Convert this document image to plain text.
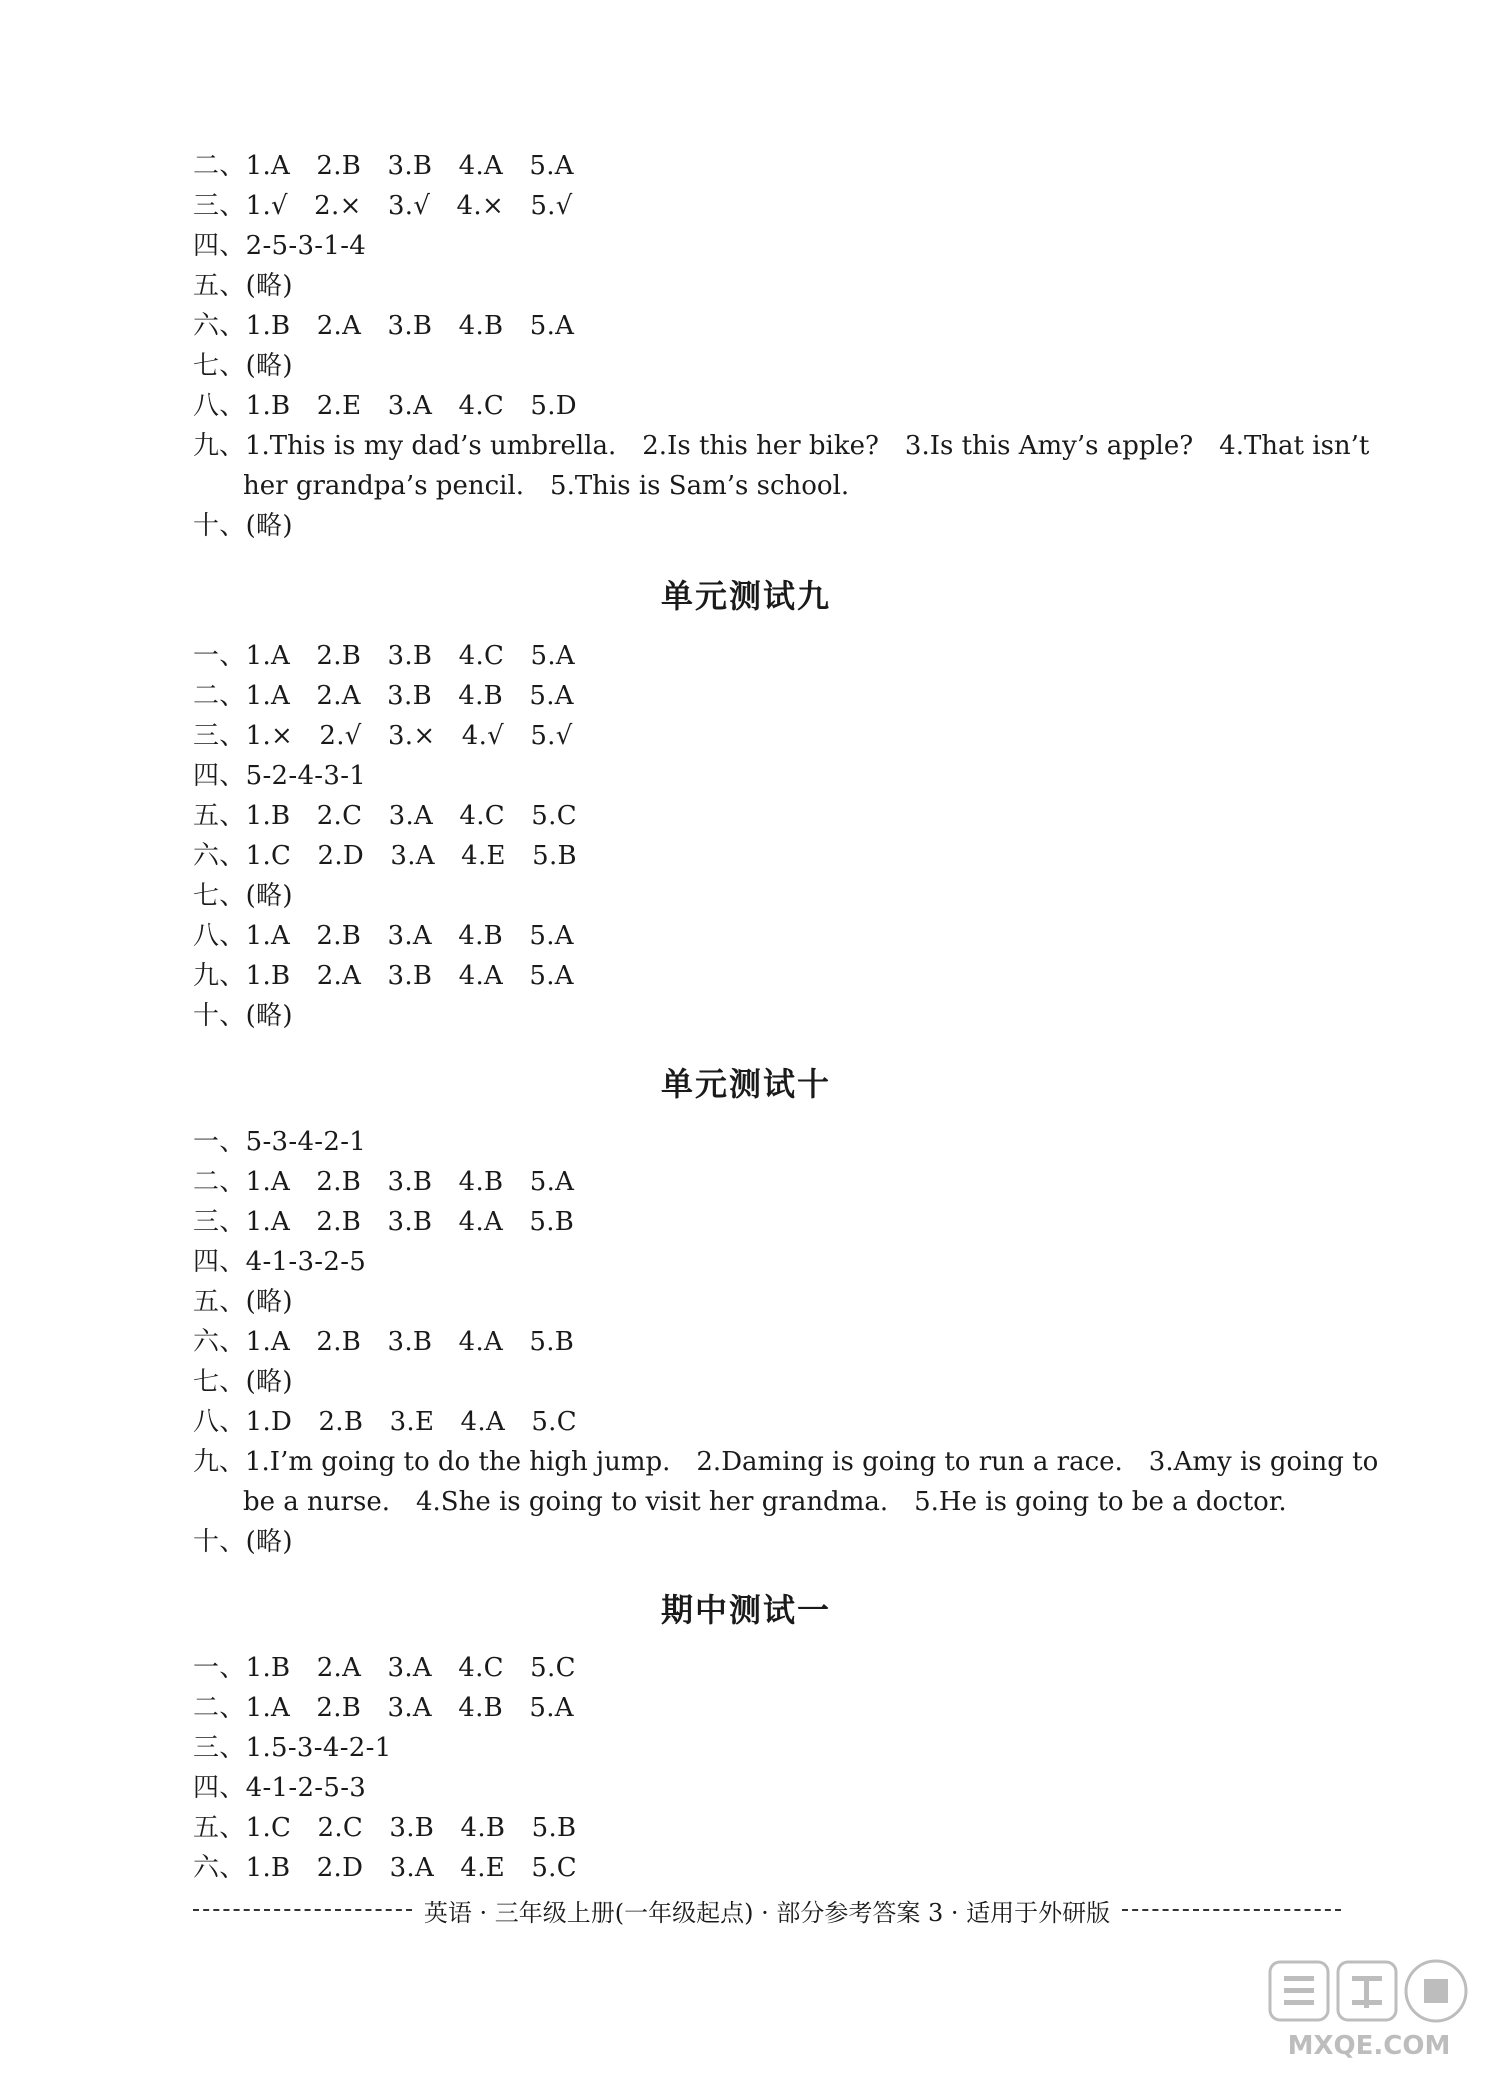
二、1.A　2.B　3.B　4.A　5.A
三、1.√　2.×　3.√　4.×　5.√
四、2-5-3-1-4
五、(略)
六、1.B　2.A　3.B　4.B　5.A
七、(略)
八、1.B　2.E　3.A　4.C　5.D
九、1.This is my dad’s umbrella.　2.Is this her bike?　3.Is this Amy’s apple?　4.That isn’t her grandpa’s pencil.　5.This is Sam’s school.
十、(略)
单元测试九
一、1.A　2.B　3.B　4.C　5.A
二、1.A　2.A　3.B　4.B　5.A
三、1.×　2.√　3.×　4.√　5.√
四、5-2-4-3-1
五、1.B　2.C　3.A　4.C　5.C
六、1.C　2.D　3.A　4.E　5.B
七、(略)
八、1.A　2.B　3.A　4.B　5.A
九、1.B　2.A　3.B　4.A　5.A
十、(略)
单元测试十
一、5-3-4-2-1
二、1.A　2.B　3.B　4.B　5.A
三、1.A　2.B　3.B　4.A　5.B
四、4-1-3-2-5
五、(略)
六、1.A　2.B　3.B　4.A　5.B
七、(略)
八、1.D　2.B　3.E　4.A　5.C
九、1.I’m going to do the high jump.　2.Daming is going to run a race.　3.Amy is going to be a nurse.　4.She is going to visit her grandma.　5.He is going to be a doctor.
十、(略)
期中测试一
一、1.B　2.A　3.A　4.C　5.C
二、1.A　2.B　3.A　4.B　5.A
三、1.5-3-4-2-1
四、4-1-2-5-3
五、1.C　2.C　3.B　4.B　5.B
六、1.B　2.D　3.A　4.E　5.C
英语 · 三年级上册(一年级起点) · 部分参考答案 3 · 适用于外研版
MXQE.COM
